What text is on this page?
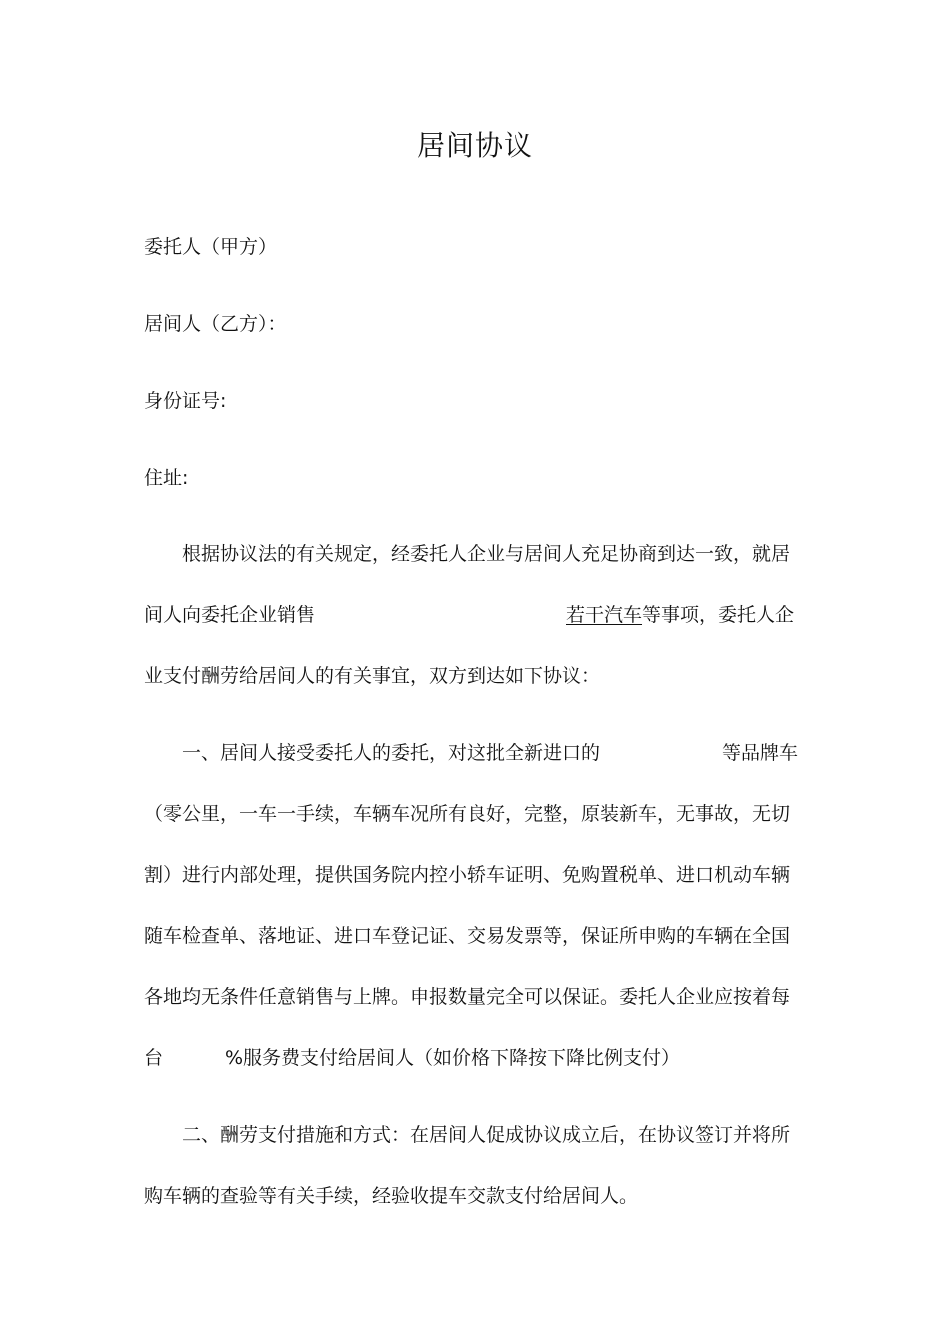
居间协议
委托人（甲方）
居间人（乙方）：
身份证号:
住址:
根据协议法的有关规定，经委托人企业与居间人充足协商到达一致，就居
间人向委托企业销售	若干汽车 等事项，委托人企
业支付酬劳给居间人的有关事宜，双方到达如下协议：
一、居间人接受委托人的委托，对这批全新进口的	等品牌车
（零公里，一车一手续，车辆车况所有良好，完整，原装新车，无事故，无切
割）进行内部处理，提供国务院内控小轿车证明、免购置税单、进口机动车辆
随车检查单、落地证、进口车登记证、交易发票等，保证所申购的车辆在全国
各地均无条件任意销售与上牌。申报数量完全可以保证。委托人企业应按着每
台	%服务费支付给居间人（如价格下降按下降比例支付）
二、酬劳支付措施和方式：在居间人促成协议成立后，在协议签订并将所
购车辆的查验等有关手续，经验收提车交款支付给居间人。
